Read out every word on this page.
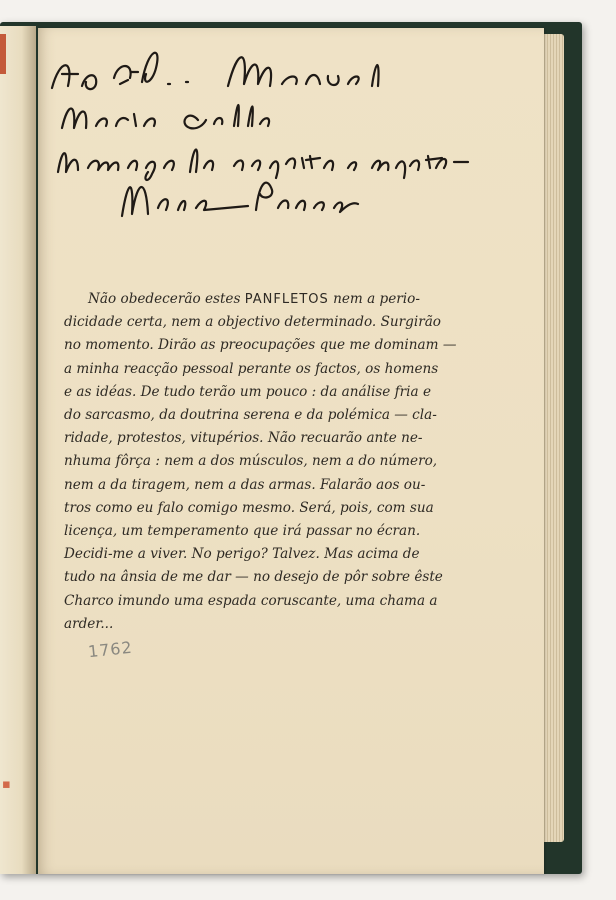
▪

Não obedecerão estes PANFLETOS nem a perio-
dicidade certa, nem a objectivo determinado. Surgirão
no momento. Dirão as preocupações que me dominam —
a minha reacção pessoal perante os factos, os homens
e as idéas. De tudo terão um pouco : da análise fria e
do sarcasmo, da doutrina serena e da polémica — cla-
ridade, protestos, vitupérios. Não recuarão ante ne-
nhuma fôrça : nem a dos músculos, nem a do número,
nem a da tiragem, nem a das armas. Falarão aos ou-
tros como eu falo comigo mesmo. Será, pois, com sua
licença, um temperamento que irá passar no écran.
Decidi-me a viver. No perigo? Talvez. Mas acima de
tudo na ânsia de me dar — no desejo de pôr sobre êste
Charco imundo uma espada coruscante, uma chama a
arder...

1762
